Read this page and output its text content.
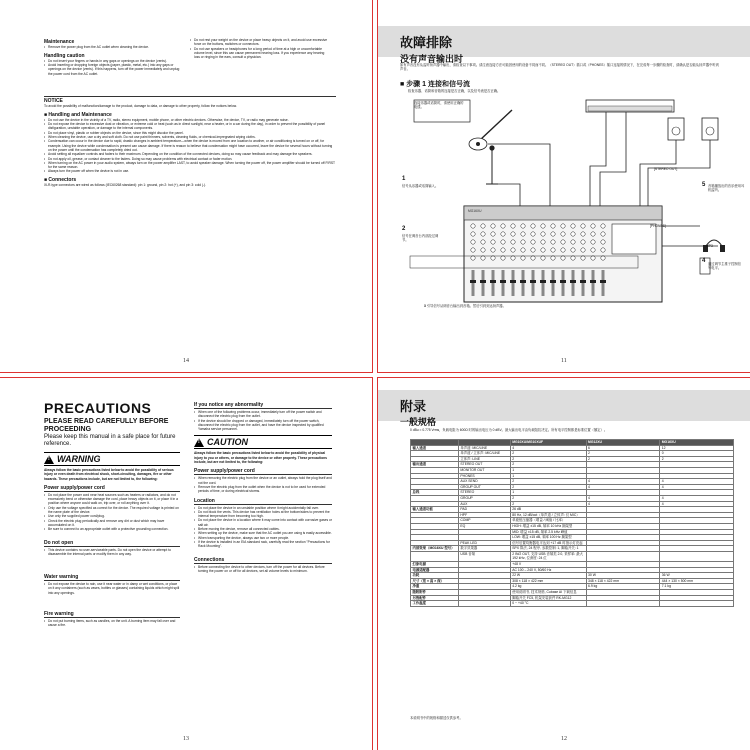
Maintenance
• Remove the power plug from the AC outlet when cleaning the device.
Handling caution
• Do not insert your fingers or hands in any gaps or openings on the device (vents).
• Avoid inserting or dropping foreign objects (paper, plastic, metal, etc.) into any gaps or openings on the device (vents). If this happens, turn off the power immediately and unplug the power cord from the AC outlet.
• Do not rest your weight on the device or place heavy objects on it, and avoid use excessive force on the buttons, switches or connectors.
• Do not use speakers or headphones for a long period of time at a high or uncomfortable volume level, since this can cause permanent hearing loss. If you experience any hearing loss or ringing in the ears, consult a physician.
NOTICE
To avoid the possibility of malfunction/damage to the product, damage to data, or damage to other property, follow the notices below.
■ Handling and Maintenance
• Do not use the device in the vicinity of a TV, radio, stereo equipment, mobile phone, or other electric devices. Otherwise, the device, TV, or radio may generate noise.
• Do not expose the device to excessive dust or vibration, or extreme cold or heat (such as in direct sunlight, near a heater, or in a car during the day), in order to prevent the possibility of panel disfiguration, unstable operation, or damage to the internal components.
• Do not place vinyl, plastic or rubber objects on the device, since this might discolor the panel.
• When cleaning the device, use a dry and soft cloth. Do not use paint thinners, solvents, cleaning fluids, or chemical-impregnated wiping cloths.
• Condensation can occur in the device due to rapid, drastic changes in ambient temperature—when the device is moved from one location to another, or air conditioning is turned on or off, for example. Using the device while condensation is present can cause damage. If there is reason to believe that condensation might have occurred, leave the device for several hours without turning on the power until the condensation has completely dried out.
• Avoid setting all equalizer controls and faders to their maximum. Depending on the condition of the connected devices, doing so may cause feedback and may damage the speakers.
• Do not apply oil, grease, or contact cleaner to the faders. Doing so may cause problems with electrical contact or fader motion.
• When turning on the AC power in your audio system, always turn on the power amplifier LAST, to avoid speaker damage. When turning the power off, the power amplifier should be turned off FIRST for the same reason.
• Always turn the power off when the device is not in use.
■ Connectors
XLR-type connectors are wired as follows (IEC60268 standard): pin 1: ground, pin 2: hot (+), and pin 3: cold (-).
14
故障排除
没有声音输出时
如有声音没有从监听扬声器中输出，请检查以下事项。请注意连接方法可能因使用的设备不同而不同。（STEREO OUT）插口或（PHONES）插口连接的情况下，在完成每一步骤的检查时，请确认是否能从扬声器中听到声音。
■ 步骤 1 连接和信号流
检查乐器、话筒和音箱的连接是否正确，以及信号流是否正确。
连接乐器或话筒时，请使用正确的电缆。
1
信号从乐器或话筒输入。
2
信号在调音台内部经过调节。
3 引导信号从调音台输出到音箱。然后引到到达扬声器。
5 音箱播放出的音乐使用耳机监听。
4 通过调节主推子控制信号电平。
[STEREO OUT]
[PHONES]
MP3
MG16XU
11
PRECAUTIONS
PLEASE READ CAREFULLY BEFORE PROCEEDING
Please keep this manual in a safe place for future reference.
!
WARNING
Always follow the basic precautions listed below to avoid the possibility of serious injury or even death from electrical shock, short-circuiting, damages, fire or other hazards. These precautions include, but are not limited to, the following:
Power supply/power cord
• Do not place the power cord near heat sources such as heaters or radiators, and do not excessively bend or otherwise damage the cord, place heavy objects on it, or place it in a position where anyone could walk on, trip over, or roll anything over it.
• Only use the voltage specified as correct for the device. The required voltage is printed on the name plate of the device.
• Use only the supplied power cord/plug.
• Check the electric plug periodically and remove any dirt or dust which may have accumulated on it.
• Be sure to connect to an appropriate outlet with a protective grounding connection.
Do not open
• This device contains no user-serviceable parts. Do not open the device or attempt to disassemble the internal parts or modify them in any way.
Water warning
• Do not expose the device to rain, use it near water or in damp or wet conditions, or place on it any containers (such as vases, bottles or glasses) containing liquids which might spill into any openings.
Fire warning
• Do not put burning items, such as candles, on the unit. A burning item may fall over and cause a fire.
If you notice any abnormality
• When one of the following problems occur, immediately turn off the power switch and disconnect the electric plug from the outlet.
• If the device should be dropped or damaged, immediately turn off the power switch, disconnect the electric plug from the outlet, and have the device inspected by qualified Yamaha service personnel.
!
CAUTION
Always follow the basic precautions listed below to avoid the possibility of physical injury to you or others, or damage to the device or other property. These precautions include, but are not limited to, the following:
Power supply/power cord
• When removing the electric plug from the device or an outlet, always hold the plug itself and not the cord.
• Remove the electric plug from the outlet when the device is not to be used for extended periods of time, or during electrical storms.
Location
• Do not place the device in an unstable position where it might accidentally fall over.
• Do not block the vents. This device has ventilation holes at the bottom/sides to prevent the internal temperature from becoming too high.
• Do not place the device in a location where it may come into contact with corrosive gases or salt air.
• Before moving the device, remove all connected cables.
• When setting up the device, make sure that the AC outlet you are using is easily accessible.
• When transporting the device, always use two or more people.
• If the device is installed in an EIA standard rack, carefully read the section "Precautions for Rack Mounting".
Connections
• Before connecting the device to other devices, turn off the power for all devices. Before turning the power on or off for all devices, set all volume levels to minimum.
13
附录
一般规格
0 dBu = 0.775 Vrms，负载电阻为 600Ω 时的输出电压为 0 dBV。最大输出电平由负载阻抗决定。所有电平控制都是标准位置（额定）。
		MG10XU/MG10XUF	MG12XU	MG16XU
输入通道	单声道: MIC/LINE	4	6	12
	单声道 / 立体声: MIC/LINE	2	2	0
	立体声: LINE	2	2	2
输出通道	STEREO OUT	2		
	MONITOR OUT	1		
	PHONES	1		
	AUX SEND	2	4	4
	GROUP OUT	2	4	4
总线	STEREO	1		
	GROUP	2	4	4
	AUX	2	4	4
输入通道功能	PAD	26 dB		
	HPF	80 Hz, 12 dB/oct（单声道 / 立体声: 仅 MIC）		
	COMP	单旋钮压缩器（增益 / 阈值 / 比率）		
	EQ	HIGH: 增益 ±15 dB, 频率 10 kHz 搁架型		
		MID: 增益 ±15 dB, 频率 2.5 kHz 峰值		
		LOW: 增益 ±15 dB, 频率 100 Hz 搁架型		
	PEAK LED	信号后置均衡器电平达到 +17 dB 时指示灯亮起		
内部效果（MG16XU 型号）	数字效果器	SPX 算法, 24 程序, 参数控制: 1, 脚踏开关: 1		
	USB 音频	2 IN/2 OUT, 支持 USB 音频类 2.0, 采样率: 最大 192 kHz, 位深度: 24 位		
幻象电源		+48 V		
电源适配器		AC 100 – 240 V, 50/60 Hz		
功耗		22 W	30 W	36 W
尺寸（宽 × 高 × 深）		308 × 118 × 422 mm	348 × 118 × 422 mm	444 × 130 × 500 mm
净重		4.2 kg	6.9 kg	7.1 kg
随附附件		使用说明书, 技术规格, Cubase AI 下载信息		
另售配件		脚踏开关 FC5, 机架安装套件 RK-MG12		
工作温度		0 ~ +40 °C		
本说明书中的规格和描述仅供参考。
12
